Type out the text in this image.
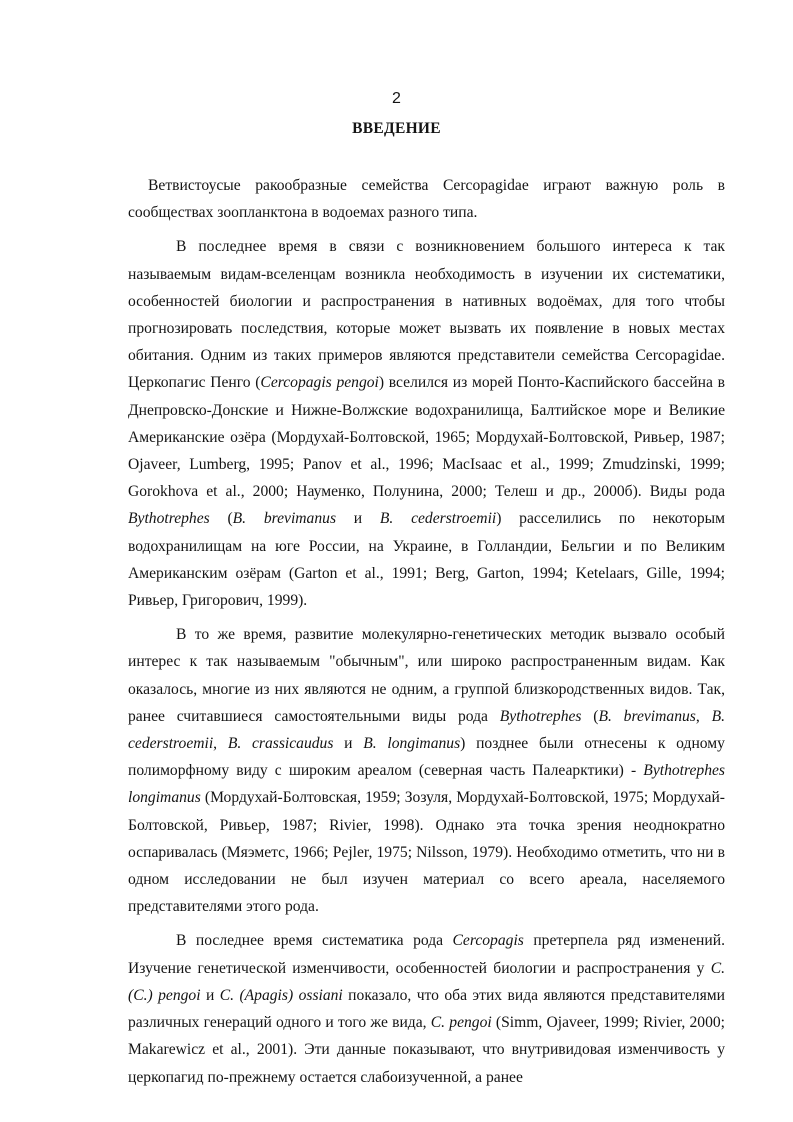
2
ВВЕДЕНИЕ

Ветвистоусые ракообразные семейства Cercopagidae играют важную роль в сообществах зоопланктона в водоемах разного типа.

В последнее время в связи с возникновением большого интереса к так называемым видам-вселенцам возникла необходимость в изучении их систематики, особенностей биологии и распространения в нативных водоёмах, для того чтобы прогнозировать последствия, которые может вызвать их появление в новых местах обитания. Одним из таких примеров являются представители семейства Cercopagidae. Церкопагис Пенго (Cercopagis pengoi) вселился из морей Понто-Каспийского бассейна в Днепровско-Донские и Нижне-Волжские водохранилища, Балтийское море и Великие Американские озёра (Мордухай-Болтовской, 1965; Мордухай-Болтовской, Ривьер, 1987; Ojaveer, Lumberg, 1995; Panov et al., 1996; MacIsaac et al., 1999; Zmudzinski, 1999; Gorokhova et al., 2000; Науменко, Полунина, 2000; Телеш и др., 2000б). Виды рода Bythotrephes (B. brevimanus и B. cederstroemii) расселились по некоторым водохранилищам на юге России, на Украине, в Голландии, Бельгии и по Великим Американским озёрам (Garton et al., 1991; Berg, Garton, 1994; Ketelaars, Gille, 1994; Ривьер, Григорович, 1999).

В то же время, развитие молекулярно-генетических методик вызвало особый интерес к так называемым "обычным", или широко распространенным видам. Как оказалось, многие из них являются не одним, а группой близкородственных видов. Так, ранее считавшиеся самостоятельными виды рода Bythotrephes (B. brevimanus, B. cederstroemii, B. crassicaudus и B. longimanus) позднее были отнесены к одному полиморфному виду с широким ареалом (северная часть Палеарктики) - Bythotrephes longimanus (Мордухай-Болтовская, 1959; Зозуля, Мордухай-Болтовской, 1975; Мордухай-Болтовской, Ривьер, 1987; Rivier, 1998). Однако эта точка зрения неоднократно оспаривалась (Мяэметс, 1966; Pejler, 1975; Nilsson, 1979). Необходимо отметить, что ни в одном исследовании не был изучен материал со всего ареала, населяемого представителями этого рода.

В последнее время систематика рода Cercopagis претерпела ряд изменений. Изучение генетической изменчивости, особенностей биологии и распространения у C. (C.) pengoi и C. (Apagis) ossiani показало, что оба этих вида являются представителями различных генераций одного и того же вида, C. pengoi (Simm, Ojaveer, 1999; Rivier, 2000; Makarewicz et al., 2001). Эти данные показывают, что внутривидовая изменчивость у церкопагид по-прежнему остается слабоизученной, а ранее
